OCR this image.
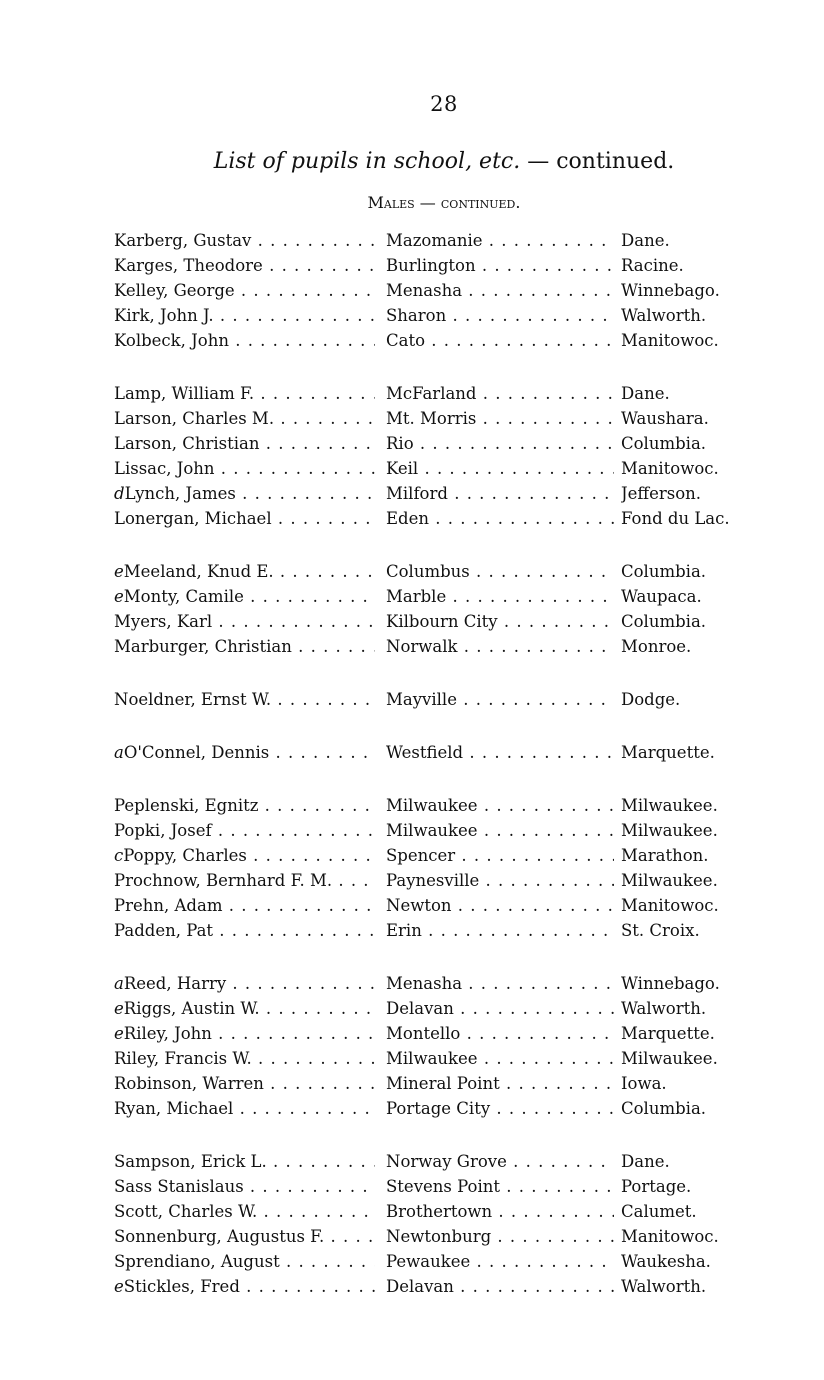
28
List of pupils in school, etc. — continued.
Males — continued.
Karberg, Gustav . . .	Mazomanie . . .	Dane.
Karges, Theodore . . .	Burlington . . .	Racine.
Kelley, George . . .	Menasha . . .	Winnebago.
Kirk, John J. . . .	Sharon . . .	Walworth.
Kolbeck, John . . .	Cato . . .	Manitowoc.
Lamp, William F. . . .	McFarland . . .	Dane.
Larson, Charles M. . . .	Mt. Morris . . .	Waushara.
Larson, Christian . . .	Rio . . .	Columbia.
Lissac, John . . .	Keil . . .	Manitowoc.
dLynch, James . . .	Milford . . .	Jefferson.
Lonergan, Michael . . .	Eden . . .	Fond du Lac.
eMeeland, Knud E. . . .	Columbus . . .	Columbia.
eMonty, Camile . . .	Marble . . .	Waupaca.
Myers, Karl . . .	Kilbourn City . . .	Columbia.
Marburger, Christian . . .	Norwalk . . .	Monroe.
Noeldner, Ernst W. . . .	Mayville . . .	Dodge.
aO'Connel, Dennis . . .	Westfield . . .	Marquette.
Peplenski, Egnitz . . .	Milwaukee . . .	Milwaukee.
Popki, Josef . . .	Milwaukee . . .	Milwaukee.
cPoppy, Charles . . .	Spencer . . .	Marathon.
Prochnow, Bernhard F. M. . . .	Paynesville . . .	Milwaukee.
Prehn, Adam . . .	Newton . . .	Manitowoc.
Padden, Pat . . .	Erin . . .	St. Croix.
aReed, Harry . . .	Menasha . . .	Winnebago.
eRiggs, Austin W. . . .	Delavan . . .	Walworth.
eRiley, John . . .	Montello . . .	Marquette.
Riley, Francis W. . . .	Milwaukee . . .	Milwaukee.
Robinson, Warren . . .	Mineral Point . . .	Iowa.
Ryan, Michael . . .	Portage City . . .	Columbia.
Sampson, Erick L. . . .	Norway Grove . . .	Dane.
Sass Stanislaus . . .	Stevens Point . . .	Portage.
Scott, Charles W. . . .	Brothertown . . .	Calumet.
Sonnenburg, Augustus F. . . .	Newtonburg . . .	Manitowoc.
Sprendiano, August . . .	Pewaukee . . .	Waukesha.
eStickles, Fred . . .	Delavan . . .	Walworth.
